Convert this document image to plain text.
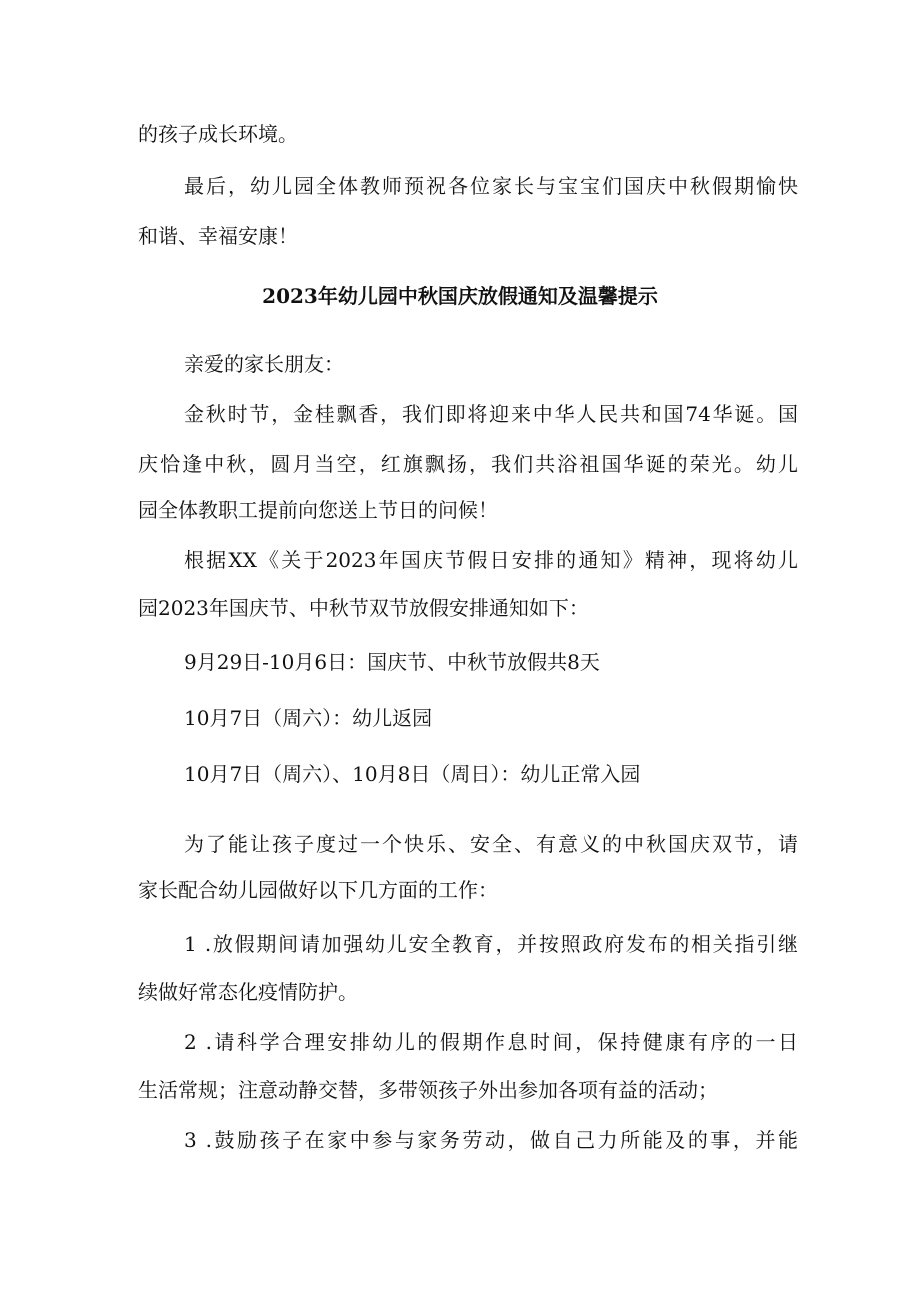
的孩子成长环境。
最后，幼儿园全体教师预祝各位家长与宝宝们国庆中秋假期愉快
和谐、幸福安康！
2023年幼儿园中秋国庆放假通知及温馨提示
亲爱的家长朋友：
金秋时节，金桂飘香，我们即将迎来中华人民共和国74华诞。国
庆恰逢中秋，圆月当空，红旗飘扬，我们共浴祖国华诞的荣光。幼儿
园全体教职工提前向您送上节日的问候！
根据XX《关于2023年国庆节假日安排的通知》精神，现将幼儿
园2023年国庆节、中秋节双节放假安排通知如下：
9月29日-10月6日：国庆节、中秋节放假共8天
10月7日（周六）：幼儿返园
10月7日（周六）、10月8日（周日）：幼儿正常入园
为了能让孩子度过一个快乐、安全、有意义的中秋国庆双节，请
家长配合幼儿园做好以下几方面的工作：
1 .放假期间请加强幼儿安全教育，并按照政府发布的相关指引继
续做好常态化疫情防护。
2 .请科学合理安排幼儿的假期作息时间，保持健康有序的一日
生活常规；注意动静交替，多带领孩子外出参加各项有益的活动；
3 .鼓励孩子在家中参与家务劳动，做自己力所能及的事，并能
